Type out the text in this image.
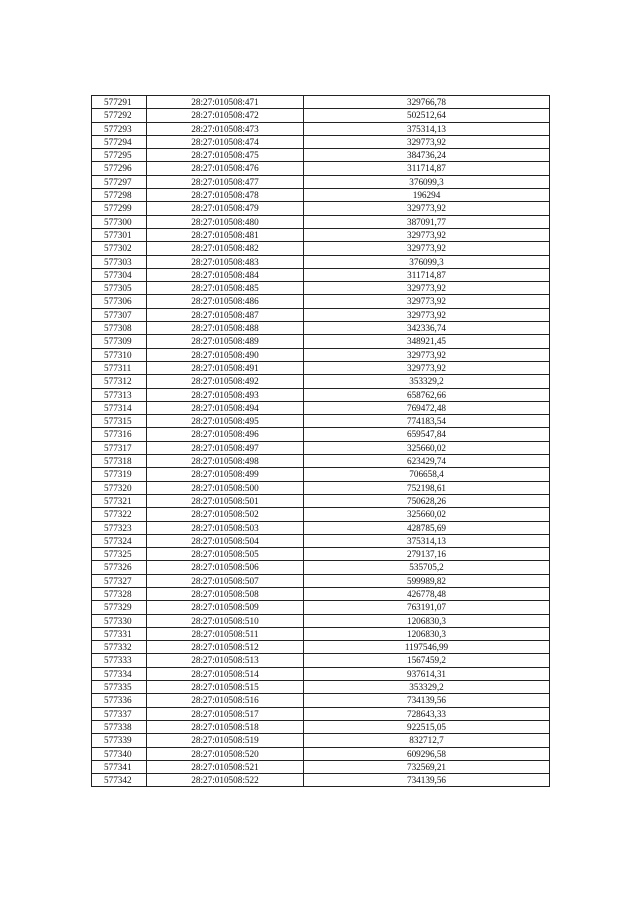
577291	28:27:010508:471	329766,78
577292	28:27:010508:472	502512,64
577293	28:27:010508:473	375314,13
577294	28:27:010508:474	329773,92
577295	28:27:010508:475	384736,24
577296	28:27:010508:476	311714,87
577297	28:27:010508:477	376099,3
577298	28:27:010508:478	196294
577299	28:27:010508:479	329773,92
577300	28:27:010508:480	387091,77
577301	28:27:010508:481	329773,92
577302	28:27:010508:482	329773,92
577303	28:27:010508:483	376099,3
577304	28:27:010508:484	311714,87
577305	28:27:010508:485	329773,92
577306	28:27:010508:486	329773,92
577307	28:27:010508:487	329773,92
577308	28:27:010508:488	342336,74
577309	28:27:010508:489	348921,45
577310	28:27:010508:490	329773,92
577311	28:27:010508:491	329773,92
577312	28:27:010508:492	353329,2
577313	28:27:010508:493	658762,66
577314	28:27:010508:494	769472,48
577315	28:27:010508:495	774183,54
577316	28:27:010508:496	659547,84
577317	28:27:010508:497	325660,02
577318	28:27:010508:498	623429,74
577319	28:27:010508:499	706658,4
577320	28:27:010508:500	752198,61
577321	28:27:010508:501	750628,26
577322	28:27:010508:502	325660,02
577323	28:27:010508:503	428785,69
577324	28:27:010508:504	375314,13
577325	28:27:010508:505	279137,16
577326	28:27:010508:506	535705,2
577327	28:27:010508:507	599989,82
577328	28:27:010508:508	426778,48
577329	28:27:010508:509	763191,07
577330	28:27:010508:510	1206830,3
577331	28:27:010508:511	1206830,3
577332	28:27:010508:512	1197546,99
577333	28:27:010508:513	1567459,2
577334	28:27:010508:514	937614,31
577335	28:27:010508:515	353329,2
577336	28:27:010508:516	734139,56
577337	28:27:010508:517	728643,33
577338	28:27:010508:518	922515,05
577339	28:27:010508:519	832712,7
577340	28:27:010508:520	609296,58
577341	28:27:010508:521	732569,21
577342	28:27:010508:522	734139,56
